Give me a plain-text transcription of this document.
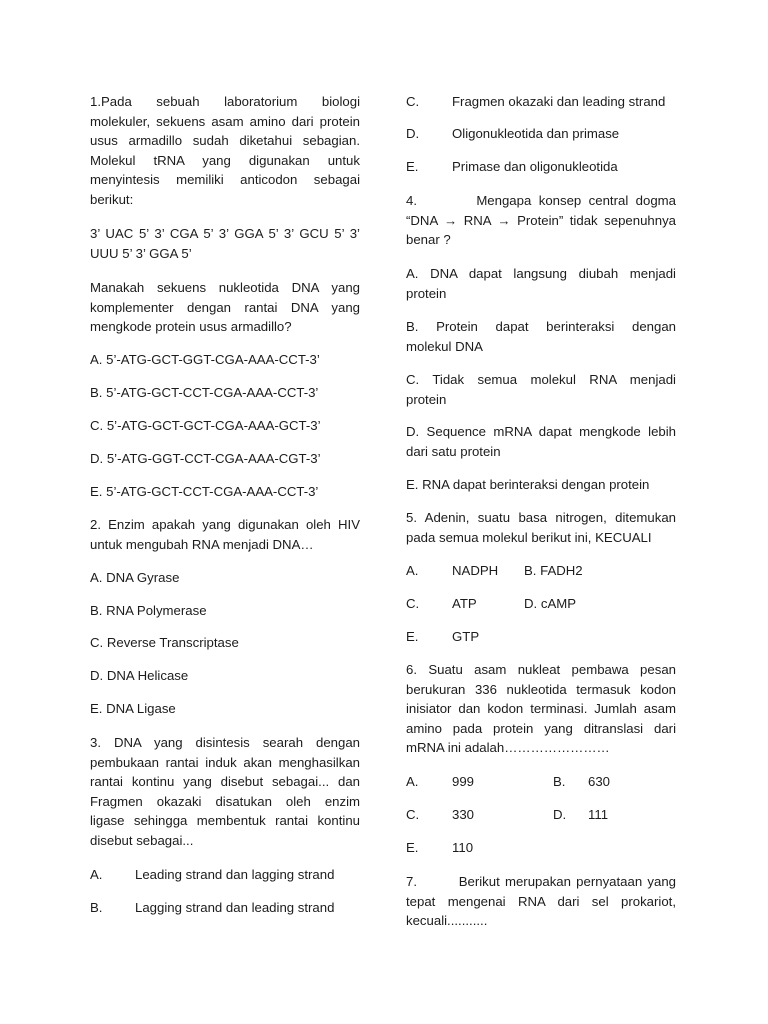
1.Pada sebuah laboratorium biologi
molekuler, sekuens asam amino dari protein
usus armadillo sudah diketahui sebagian.
Molekul tRNA yang digunakan untuk
menyintesis memiliki anticodon sebagai
berikut:
3’ UAC 5’ 3’ CGA 5’ 3’ GGA 5’ 3’ GCU 5’ 3’
UUU 5’ 3’ GGA 5’
Manakah sekuens nukleotida DNA yang
komplementer dengan rantai DNA yang
mengkode protein usus armadillo?
A. 5’-ATG-GCT-GGT-CGA-AAA-CCT-3’
B. 5’-ATG-GCT-CCT-CGA-AAA-CCT-3’
C. 5’-ATG-GCT-GCT-CGA-AAA-GCT-3’
D. 5’-ATG-GGT-CCT-CGA-AAA-CGT-3’
E. 5’-ATG-GCT-CCT-CGA-AAA-CCT-3’
2. Enzim apakah yang digunakan oleh HIV
untuk mengubah RNA menjadi DNA…
A. DNA Gyrase
B. RNA Polymerase
C. Reverse Transcriptase
D. DNA Helicase
E. DNA Ligase
3. DNA yang disintesis searah dengan
pembukaan rantai induk akan menghasilkan
rantai kontinu yang disebut sebagai... dan
Fragmen okazaki disatukan oleh enzim
ligase sehingga membentuk rantai kontinu
disebut sebagai...
A. Leading strand dan lagging strand
B. Lagging strand dan leading strand
C. Fragmen okazaki dan leading strand
D. Oligonukleotida dan primase
E.	Primase dan oligonukleotida
4.        Mengapa konsep central dogma
“DNA → RNA → Protein” tidak sepenuhnya
benar ?
A. DNA dapat langsung diubah menjadi
protein
B. Protein dapat berinteraksi dengan
molekul DNA
C. Tidak semua molekul RNA menjadi
protein
D. Sequence mRNA dapat mengkode lebih
dari satu protein
E. RNA dapat berinteraksi dengan protein
5. Adenin, suatu basa nitrogen, ditemukan
pada semua molekul berikut ini, KECUALI
A.	NADPH B. FADH2
C. ATP	D. cAMP
E.	GTP
6. Suatu asam nukleat pembawa pesan
berukuran 336 nukleotida termasuk kodon
inisiator dan kodon terminasi. Jumlah asam
amino pada protein yang ditranslasi dari
mRNA ini adalah……………………
A.	999	B. 630
C. 330	D. 111
E.	110
7.        Berikut merupakan pernyataan yang
tepat mengenai RNA dari sel prokariot,
kecuali...........
